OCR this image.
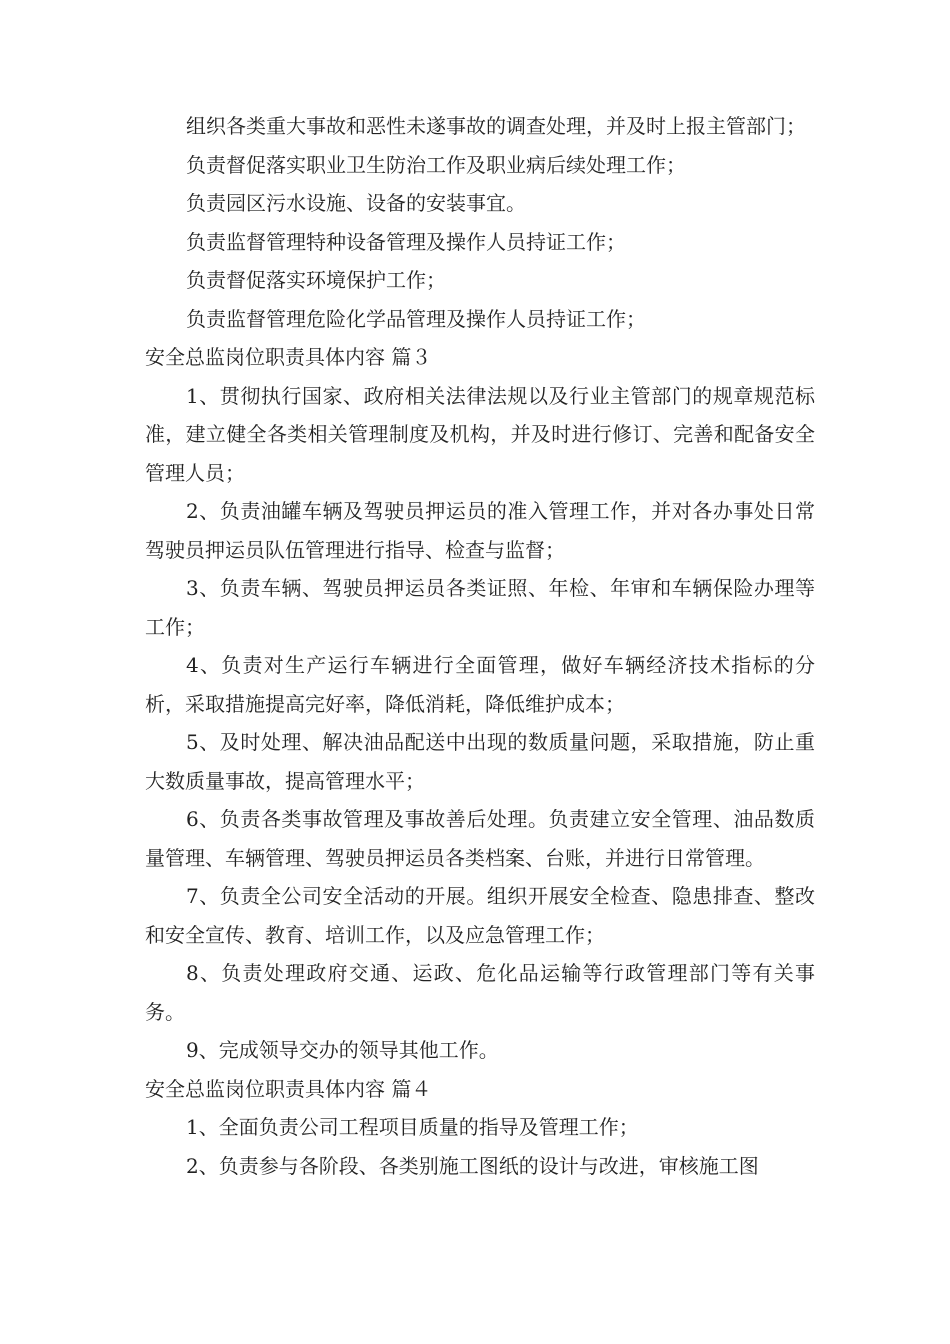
组织各类重大事故和恶性未遂事故的调查处理，并及时上报主管部门；

负责督促落实职业卫生防治工作及职业病后续处理工作；

负责园区污水设施、设备的安装事宜。

负责监督管理特种设备管理及操作人员持证工作；

负责督促落实环境保护工作；

负责监督管理危险化学品管理及操作人员持证工作；

安全总监岗位职责具体内容 篇３

1、贯彻执行国家、政府相关法律法规以及行业主管部门的规章规范标准，建立健全各类相关管理制度及机构，并及时进行修订、完善和配备安全管理人员；

2、负责油罐车辆及驾驶员押运员的准入管理工作，并对各办事处日常驾驶员押运员队伍管理进行指导、检查与监督；

3、负责车辆、驾驶员押运员各类证照、年检、年审和车辆保险办理等工作；

4、负责对生产运行车辆进行全面管理，做好车辆经济技术指标的分析，采取措施提高完好率，降低消耗，降低维护成本；

5、及时处理、解决油品配送中出现的数质量问题，采取措施，防止重大数质量事故，提高管理水平；

6、负责各类事故管理及事故善后处理。负责建立安全管理、油品数质量管理、车辆管理、驾驶员押运员各类档案、台账，并进行日常管理。

7、负责全公司安全活动的开展。组织开展安全检查、隐患排查、整改和安全宣传、教育、培训工作，以及应急管理工作；

8、负责处理政府交通、运政、危化品运输等行政管理部门等有关事务。

9、完成领导交办的领导其他工作。

安全总监岗位职责具体内容 篇４

1、全面负责公司工程项目质量的指导及管理工作；

2、负责参与各阶段、各类别施工图纸的设计与改进，审核施工图
